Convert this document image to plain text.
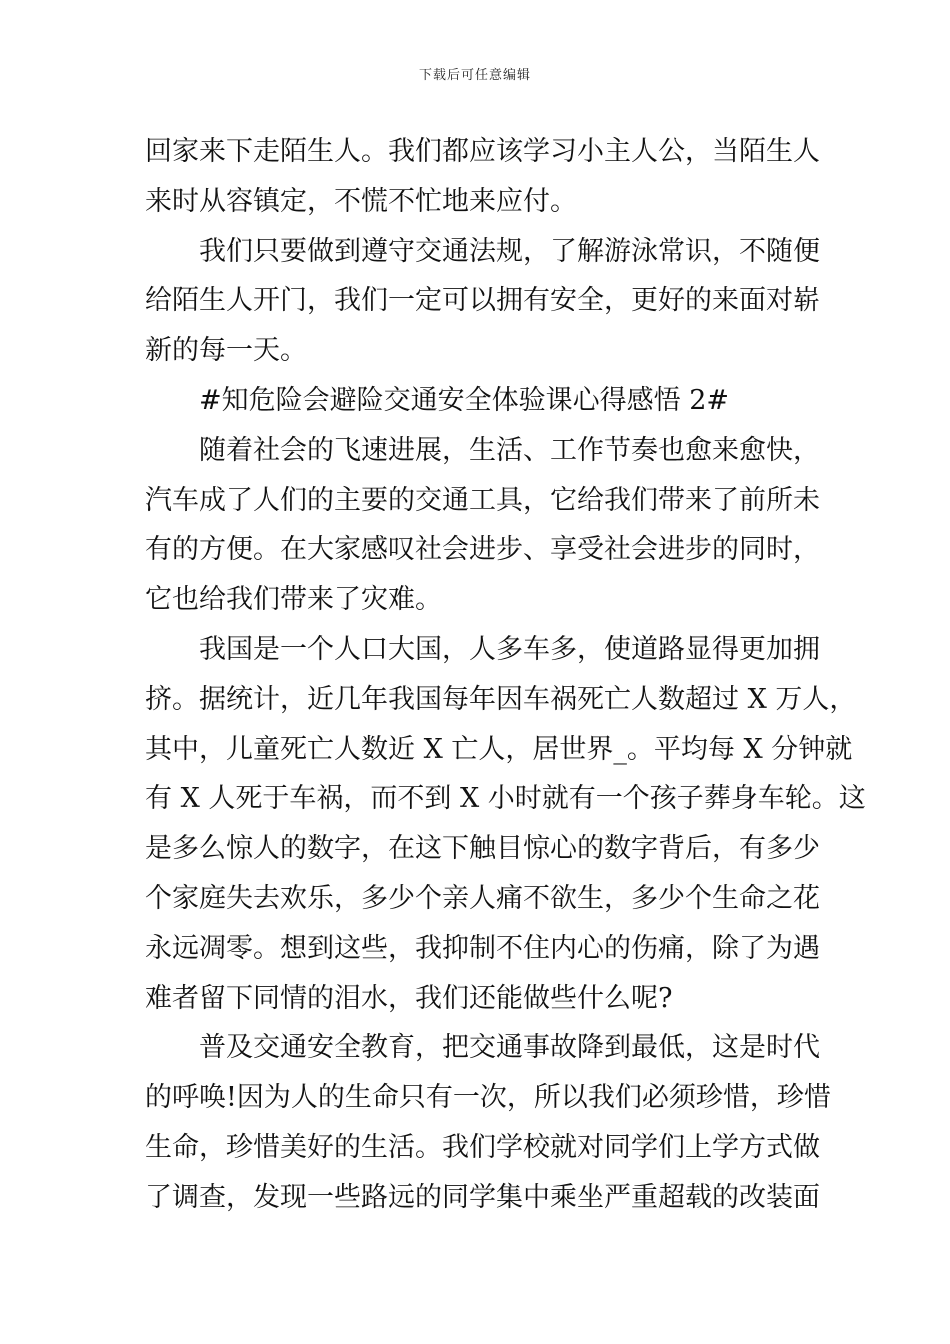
下载后可任意编辑
回家来下走陌生人。我们都应该学习小主人公，当陌生人
来时从容镇定，不慌不忙地来应付。
我们只要做到遵守交通法规，了解游泳常识，不随便
给陌生人开门，我们一定可以拥有安全，更好的来面对崭
新的每一天。
#知危险会避险交通安全体验课心得感悟 2#
随着社会的飞速进展，生活、工作节奏也愈来愈快，
汽车成了人们的主要的交通工具，它给我们带来了前所未
有的方便。在大家感叹社会进步、享受社会进步的同时，
它也给我们带来了灾难。
我国是一个人口大国，人多车多，使道路显得更加拥
挤。据统计，近几年我国每年因车祸死亡人数超过 X 万人，
其中，儿童死亡人数近 X 亡人，居世界_。平均每 X 分钟就
有 X 人死于车祸，而不到 X 小时就有一个孩子葬身车轮。这
是多么惊人的数字，在这下触目惊心的数字背后，有多少
个家庭失去欢乐，多少个亲人痛不欲生，多少个生命之花
永远凋零。想到这些，我抑制不住内心的伤痛，除了为遇
难者留下同情的泪水，我们还能做些什么呢?
普及交通安全教育，把交通事故降到最低，这是时代
的呼唤!因为人的生命只有一次，所以我们必须珍惜，珍惜
生命，珍惜美好的生活。我们学校就对同学们上学方式做
了调查，发现一些路远的同学集中乘坐严重超载的改装面
